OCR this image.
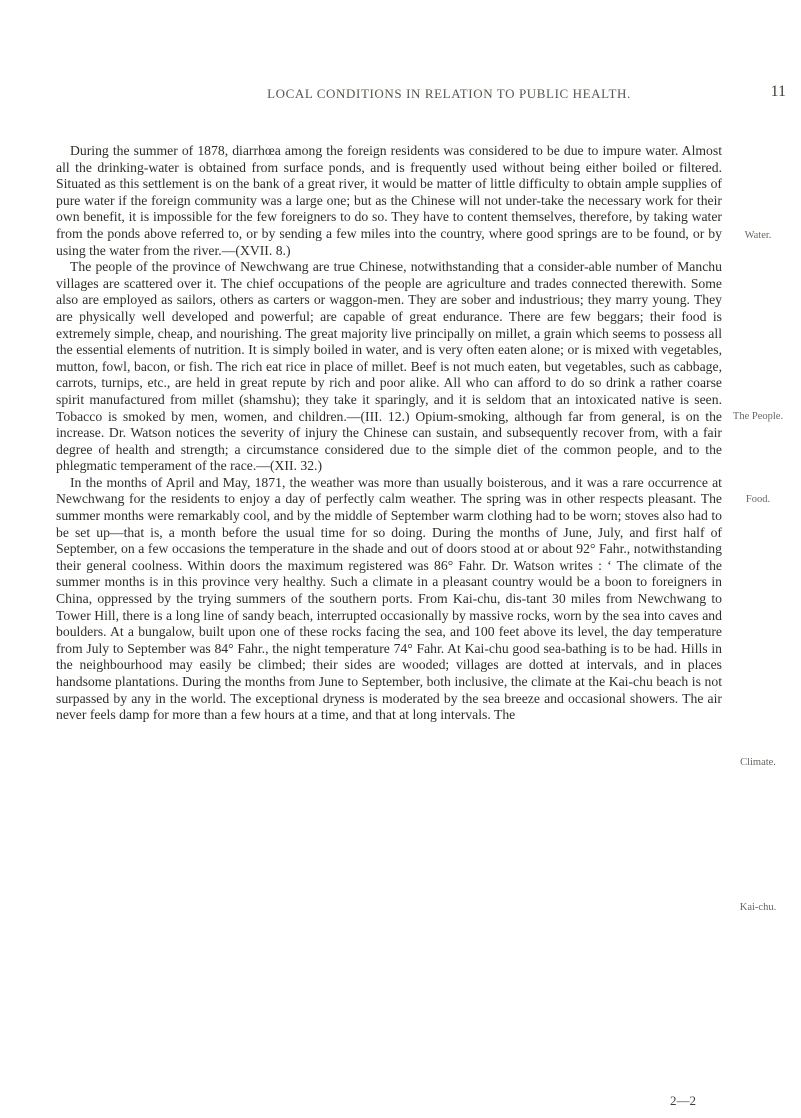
LOCAL CONDITIONS IN RELATION TO PUBLIC HEALTH.	11

During the summer of 1878, diarrhœa among the foreign residents was considered to be due to impure water. Almost all the drinking-water is obtained from surface ponds, and is frequently used without being either boiled or filtered. Situated as this settlement is on the bank of a great river, it would be matter of little difficulty to obtain ample supplies of pure water if the foreign community was a large one; but as the Chinese will not under-take the necessary work for their own benefit, it is impossible for the few foreigners to do so. They have to content themselves, therefore, by taking water from the ponds above referred to, or by sending a few miles into the country, where good springs are to be found, or by using the water from the river.—(XVII. 8.)

The people of the province of Newchwang are true Chinese, notwithstanding that a consider-able number of Manchu villages are scattered over it. The chief occupations of the people are agriculture and trades connected therewith. Some also are employed as sailors, others as carters or waggon-men. They are sober and industrious; they marry young. They are physically well developed and powerful; are capable of great endurance. There are few beggars; their food is extremely simple, cheap, and nourishing. The great majority live principally on millet, a grain which seems to possess all the essential elements of nutrition. It is simply boiled in water, and is very often eaten alone; or is mixed with vegetables, mutton, fowl, bacon, or fish. The rich eat rice in place of millet. Beef is not much eaten, but vegetables, such as cabbage, carrots, turnips, etc., are held in great repute by rich and poor alike. All who can afford to do so drink a rather coarse spirit manufactured from millet (shamshu); they take it sparingly, and it is seldom that an intoxicated native is seen. Tobacco is smoked by men, women, and children.—(III. 12.) Opium-smoking, although far from general, is on the increase. Dr. Watson notices the severity of injury the Chinese can sustain, and subsequently recover from, with a fair degree of health and strength; a circumstance considered due to the simple diet of the common people, and to the phlegmatic temperament of the race.—(XII. 32.)

In the months of April and May, 1871, the weather was more than usually boisterous, and it was a rare occurrence at Newchwang for the residents to enjoy a day of perfectly calm weather. The spring was in other respects pleasant. The summer months were remarkably cool, and by the middle of September warm clothing had to be worn; stoves also had to be set up—that is, a month before the usual time for so doing. During the months of June, July, and first half of September, on a few occasions the temperature in the shade and out of doors stood at or about 92° Fahr., notwithstanding their general coolness. Within doors the maximum registered was 86° Fahr. Dr. Watson writes : ‘ The climate of the summer months is in this province very healthy. Such a climate in a pleasant country would be a boon to foreigners in China, oppressed by the trying summers of the southern ports. From Kai-chu, dis-tant 30 miles from Newchwang to Tower Hill, there is a long line of sandy beach, interrupted occasionally by massive rocks, worn by the sea into caves and boulders. At a bungalow, built upon one of these rocks facing the sea, and 100 feet above its level, the day temperature from July to September was 84° Fahr., the night temperature 74° Fahr. At Kai-chu good sea-bathing is to be had. Hills in the neighbourhood may easily be climbed; their sides are wooded; villages are dotted at intervals, and in places handsome plantations. During the months from June to September, both inclusive, the climate at the Kai-chu beach is not surpassed by any in the world. The exceptional dryness is moderated by the sea breeze and occasional showers. The air never feels damp for more than a few hours at a time, and that at long intervals. The

Water.
The People.
Food.
Climate.
Kai-chu.
2—2
